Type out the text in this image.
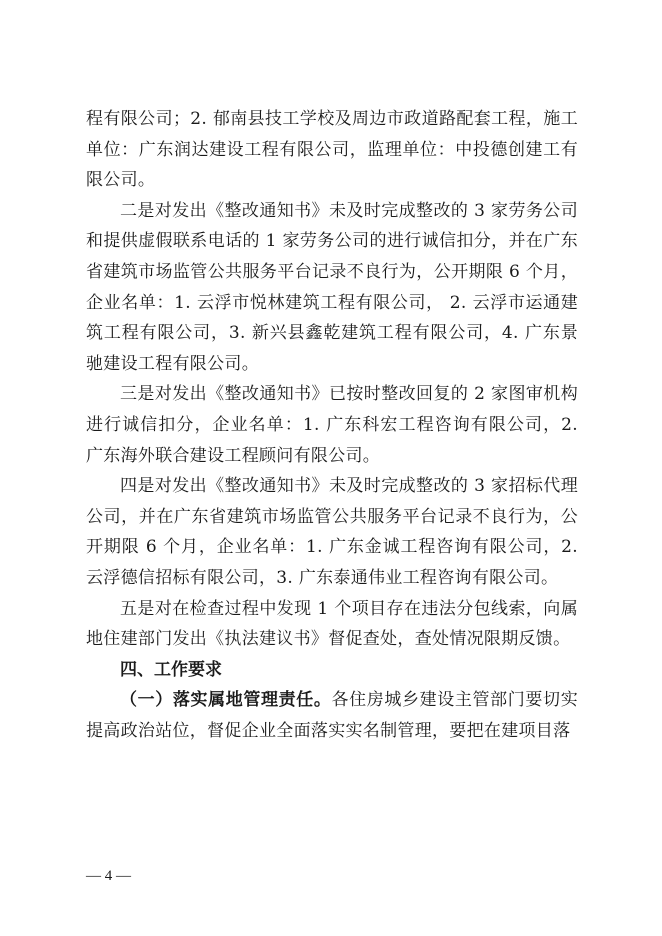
程有限公司；2. 郁南县技工学校及周边市政道路配套工程，施工单位：广东润达建设工程有限公司，监理单位：中投德创建工有限公司。

二是对发出《整改通知书》未及时完成整改的 3 家劳务公司和提供虚假联系电话的 1 家劳务公司的进行诚信扣分，并在广东省建筑市场监管公共服务平台记录不良行为，公开期限 6 个月，企业名单：1. 云浮市悦林建筑工程有限公司， 2. 云浮市运通建筑工程有限公司，3. 新兴县鑫乾建筑工程有限公司，4. 广东景驰建设工程有限公司。

三是对发出《整改通知书》已按时整改回复的 2 家图审机构进行诚信扣分，企业名单：1. 广东科宏工程咨询有限公司，2. 广东海外联合建设工程顾问有限公司。

四是对发出《整改通知书》未及时完成整改的 3 家招标代理公司，并在广东省建筑市场监管公共服务平台记录不良行为，公开期限 6 个月，企业名单：1. 广东金诚工程咨询有限公司，2. 云浮德信招标有限公司，3. 广东泰通伟业工程咨询有限公司。

五是对在检查过程中发现 1 个项目存在违法分包线索，向属地住建部门发出《执法建议书》督促查处，查处情况限期反馈。

四、工作要求

（一）落实属地管理责任。各住房城乡建设主管部门要切实提高政治站位，督促企业全面落实实名制管理，要把在建项目落

— 4 —
